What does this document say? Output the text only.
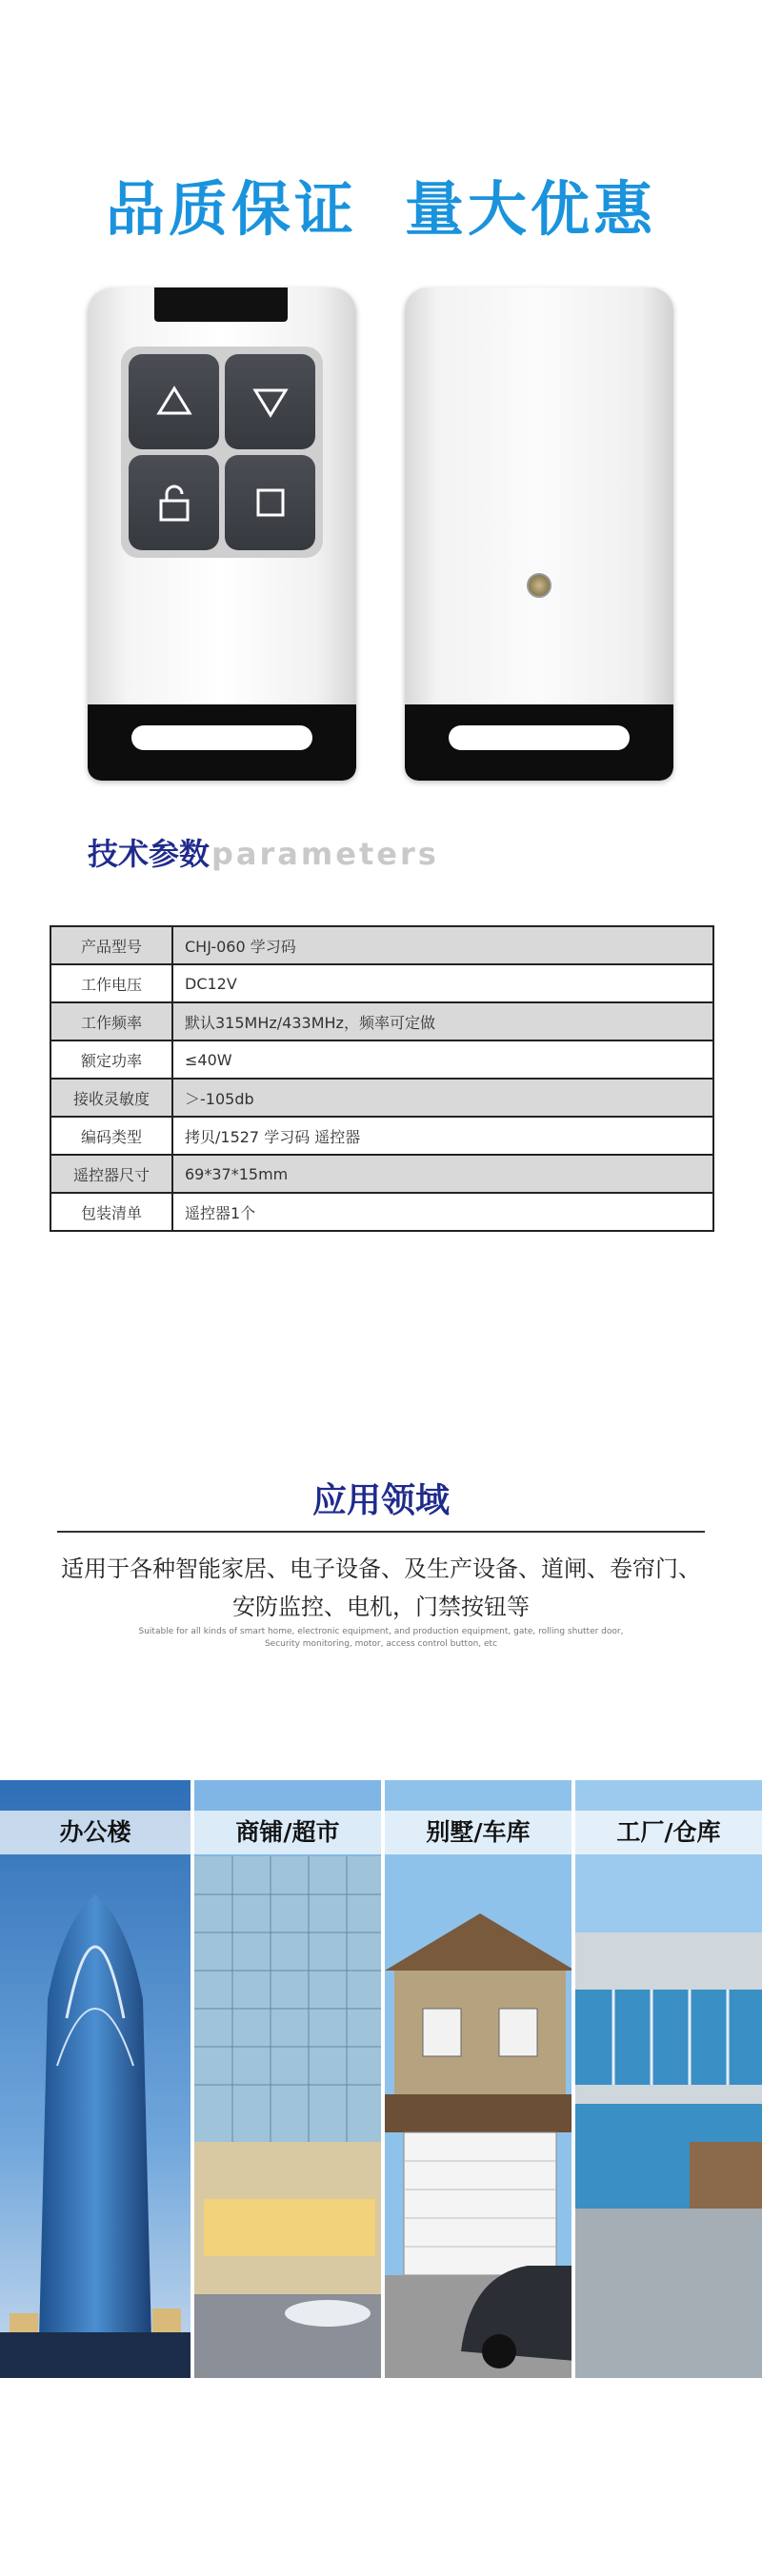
品质保证 量大优惠
技术参数parameters
产品型号	CHJ-060 学习码
工作电压	DC12V
工作频率	默认315MHz/433MHz，频率可定做
额定功率	≤40W
接收灵敏度	＞-105db
编码类型	拷贝/1527 学习码 遥控器
遥控器尺寸	69*37*15mm
包装清单	遥控器1个
应用领域
适用于各种智能家居、电子设备、及生产设备、道闸、卷帘门、
安防监控、电机，门禁按钮等
Suitable for all kinds of smart home, electronic equipment, and production equipment, gate, rolling shutter door,
Security monitoring, motor, access control button, etc
办公楼	商铺/超市	别墅/车库	工厂/仓库
